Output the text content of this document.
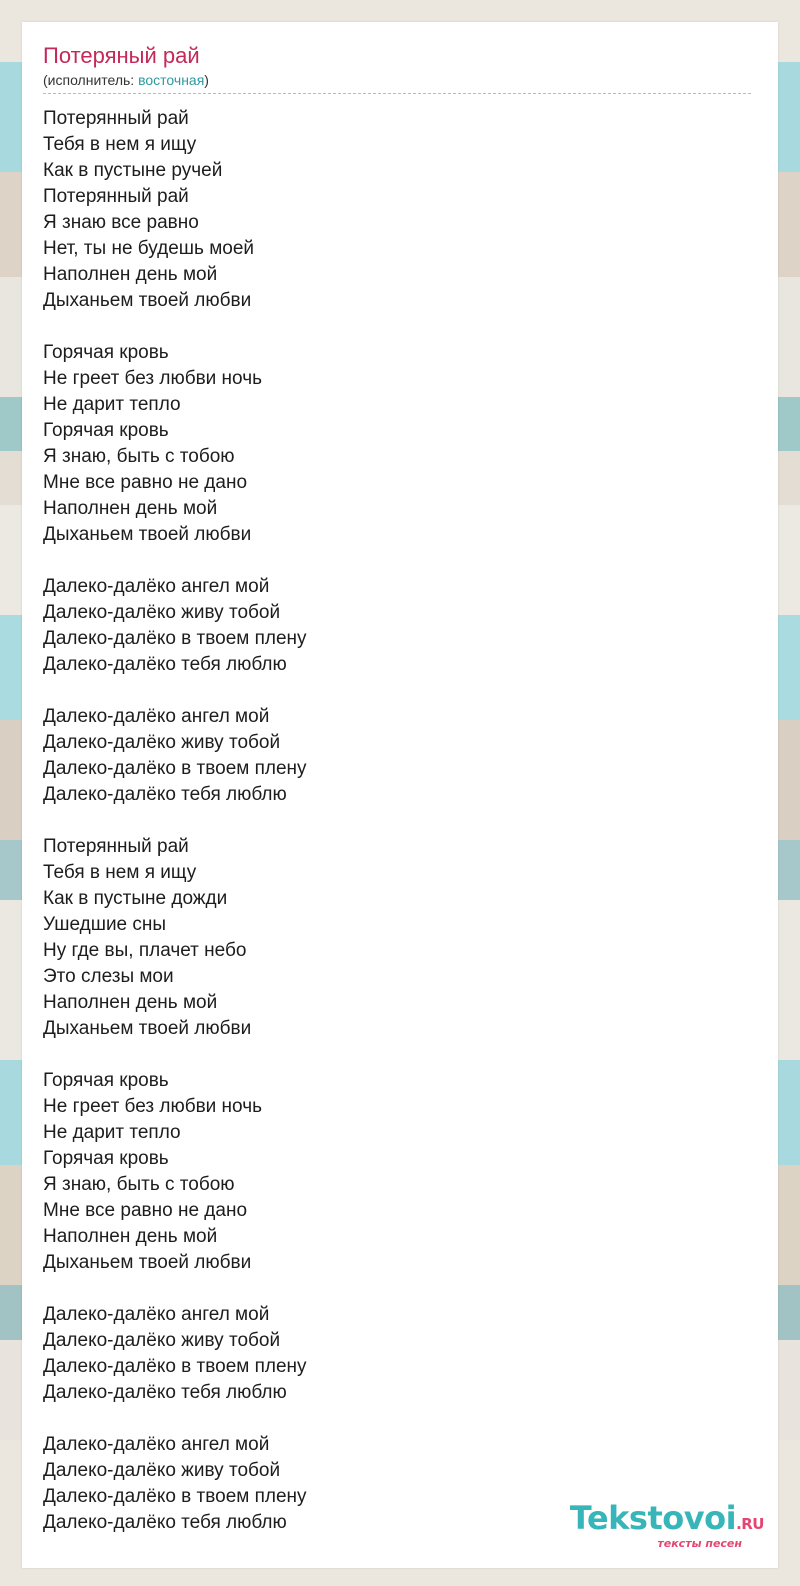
Потеряный рай
(исполнитель: восточная)
Потерянный рай
Тебя в нем я ищу
Как в пустыне ручей
Потерянный рай
Я знаю все равно
Нет, ты не будешь моей
Наполнен день мой
Дыханьем твоей любви
Горячая кровь
Не греет без любви ночь
Не дарит тепло
Горячая кровь
Я знаю, быть с тобою
Мне все равно не дано
Наполнен день мой
Дыханьем твоей любви
Далеко-далёко ангел мой
Далеко-далёко живу тобой
Далеко-далёко в твоем плену
Далеко-далёко тебя люблю
Далеко-далёко ангел мой
Далеко-далёко живу тобой
Далеко-далёко в твоем плену
Далеко-далёко тебя люблю
Потерянный рай
Тебя в нем я ищу
Как в пустыне дожди
Ушедшие сны
Ну где вы, плачет небо
Это слезы мои
Наполнен день мой
Дыханьем твоей любви
Горячая кровь
Не греет без любви ночь
Не дарит тепло
Горячая кровь
Я знаю, быть с тобою
Мне все равно не дано
Наполнен день мой
Дыханьем твоей любви
Далеко-далёко ангел мой
Далеко-далёко живу тобой
Далеко-далёко в твоем плену
Далеко-далёко тебя люблю
Далеко-далёко ангел мой
Далеко-далёко живу тобой
Далеко-далёко в твоем плену
Далеко-далёко тебя люблю	Tekstovoi.RU
тексты песен
